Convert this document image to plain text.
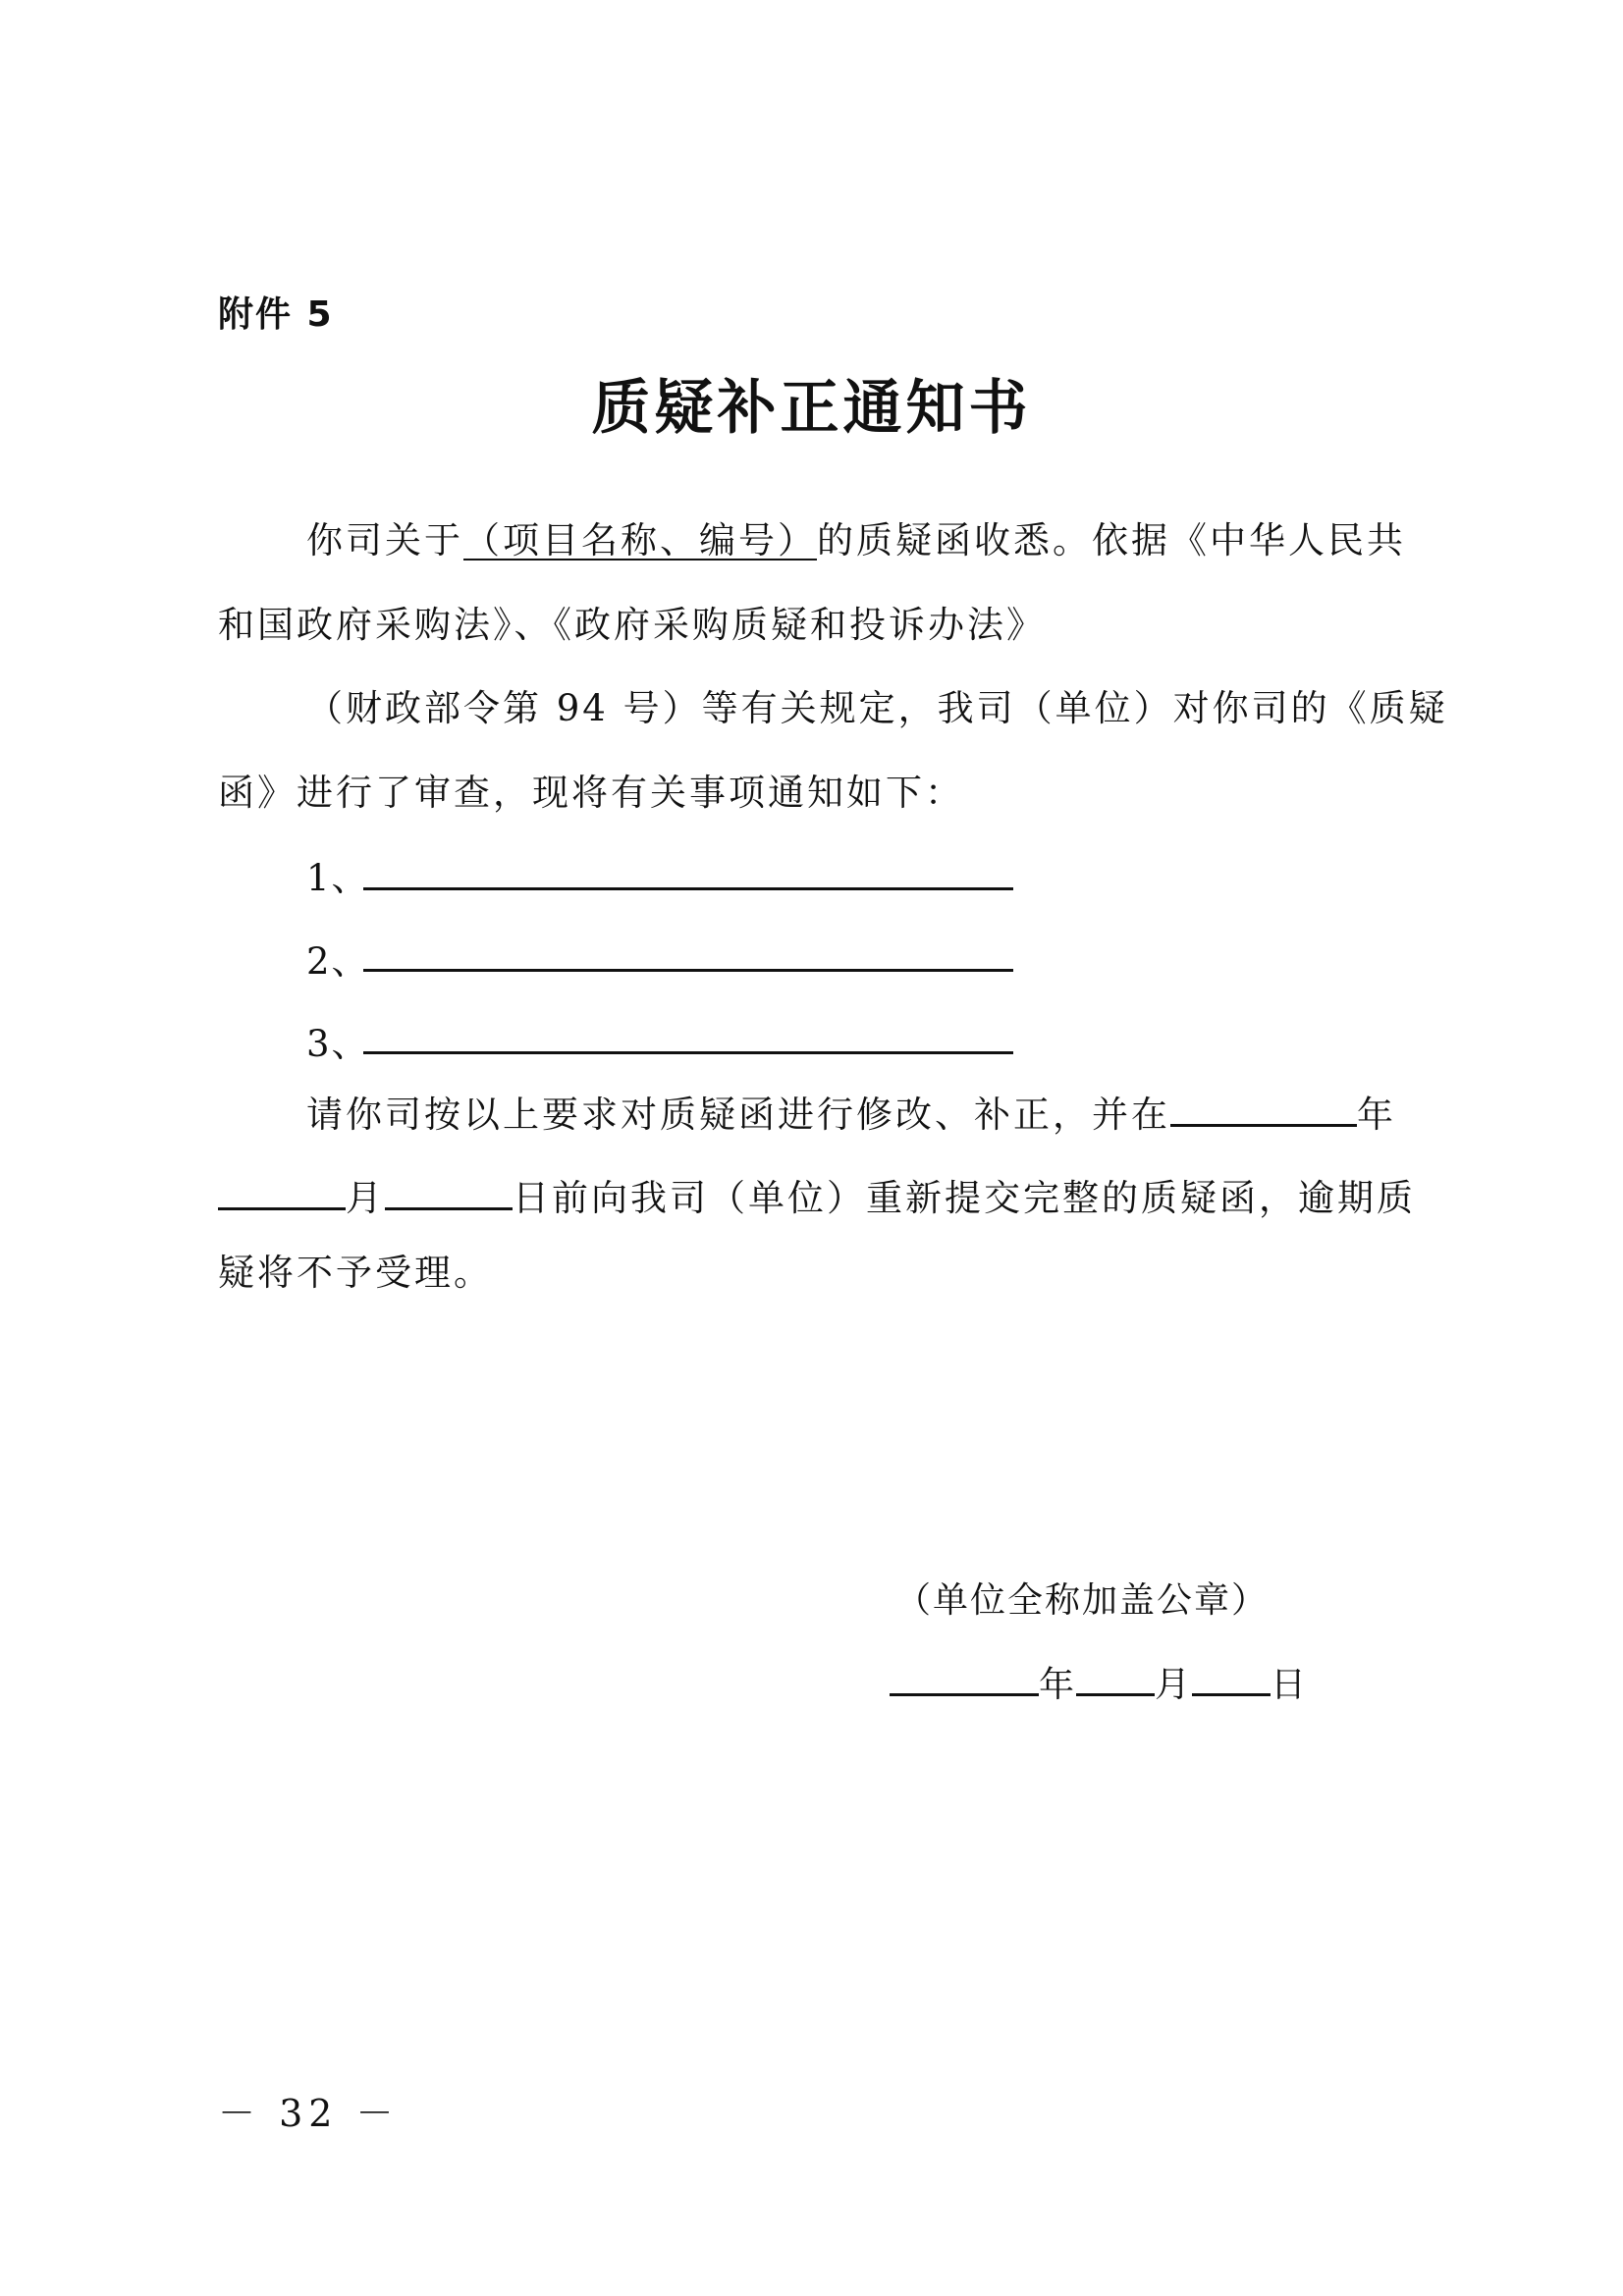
附件 5
质疑补正通知书
你司关于（项目名称、编号）的质疑函收悉。依据《中华人民共
和国政府采购法》、《政府采购质疑和投诉办法》
（财政部令第 94 号）等有关规定，我司（单位）对你司的《质疑
函》进行了审查，现将有关事项通知如下：
1、
2、
3、
请你司按以上要求对质疑函进行修改、补正，并在	年
月	日前向我司（单位）重新提交完整的质疑函，逾期质
疑将不予受理。
（单位全称加盖公章）
年 月 日
－ 32 －
